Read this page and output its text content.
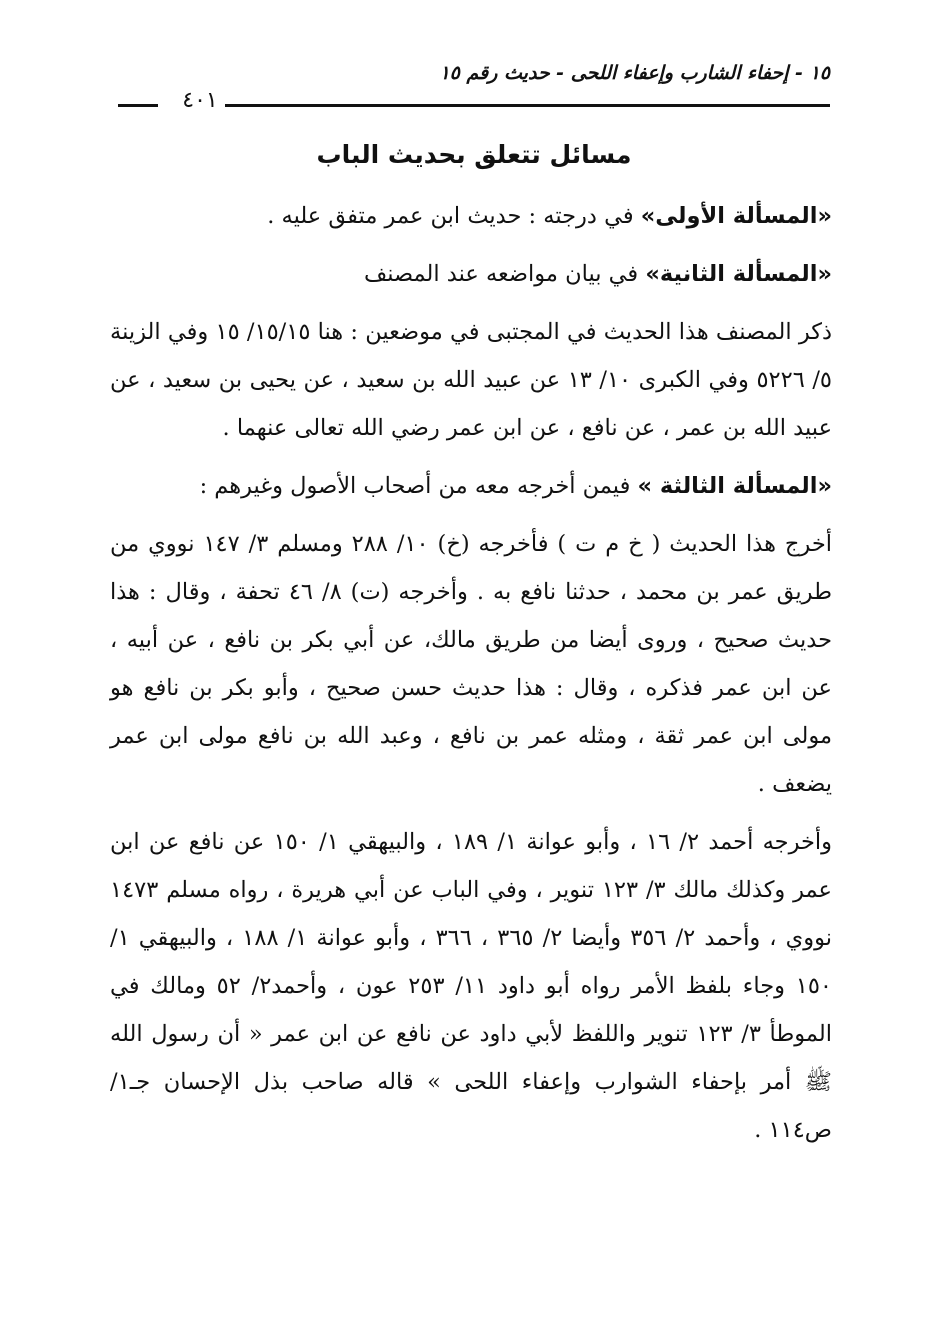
١٥ - إحفاء الشارب وإعفاء اللحى - حديث رقم ١٥
٤٠١
مسائل تتعلق بحديث الباب

«المسألة الأولى» في درجته : حديث ابن عمر متفق عليه .

«المسألة الثانية» في بيان مواضعه عند المصنف

ذكر المصنف هذا الحديث في المجتبى في موضعين : هنا ١٥/١٥/ ١٥ وفي الزينة ٥/ ٥٢٢٦ وفي الكبرى ١٠/ ١٣ عن عبيد الله بن سعيد ، عن يحيى بن سعيد ، عن عبيد الله بن عمر ، عن نافع ، عن ابن عمر رضي الله تعالى عنهما .

«المسألة الثالثة » فيمن أخرجه معه من أصحاب الأصول وغيرهم :

أخرج هذا الحديث ( خ م ت ) فأخرجه (خ) ١٠/ ٢٨٨ ومسلم ٣/ ١٤٧ نووي من طريق عمر بن محمد ، حدثنا نافع به . وأخرجه (ت) ٨/ ٤٦ تحفة ، وقال : هذا حديث صحيح ، وروى أيضا من طريق مالك، عن أبي بكر بن نافع ، عن أبيه ، عن ابن عمر فذكره ، وقال : هذا حديث حسن صحيح ، وأبو بكر بن نافع هو مولى ابن عمر ثقة ، ومثله عمر بن نافع ، وعبد الله بن نافع مولى ابن عمر يضعف .

وأخرجه أحمد ٢/ ١٦ ، وأبو عوانة ١/ ١٨٩ ، والبيهقي ١/ ١٥٠ عن نافع عن ابن عمر وكذلك مالك ٣/ ١٢٣ تنوير ، وفي الباب عن أبي هريرة ، رواه مسلم ١٤٧٣ نووي ، وأحمد ٢/ ٣٥٦ وأيضا ٢/ ٣٦٥ ، ٣٦٦ ، وأبو عوانة ١/ ١٨٨ ، والبيهقي ١/ ١٥٠ وجاء بلفظ الأمر رواه أبو داود ١١/ ٢٥٣ عون ، وأحمد٢/ ٥٢ ومالك في الموطأ ٣/ ١٢٣ تنوير واللفظ لأبي داود عن نافع عن ابن عمر « أن رسول الله ﷺ أمر بإحفاء الشوارب وإعفاء اللحى » قاله صاحب بذل الإحسان جـ١/ ص١١٤ .
